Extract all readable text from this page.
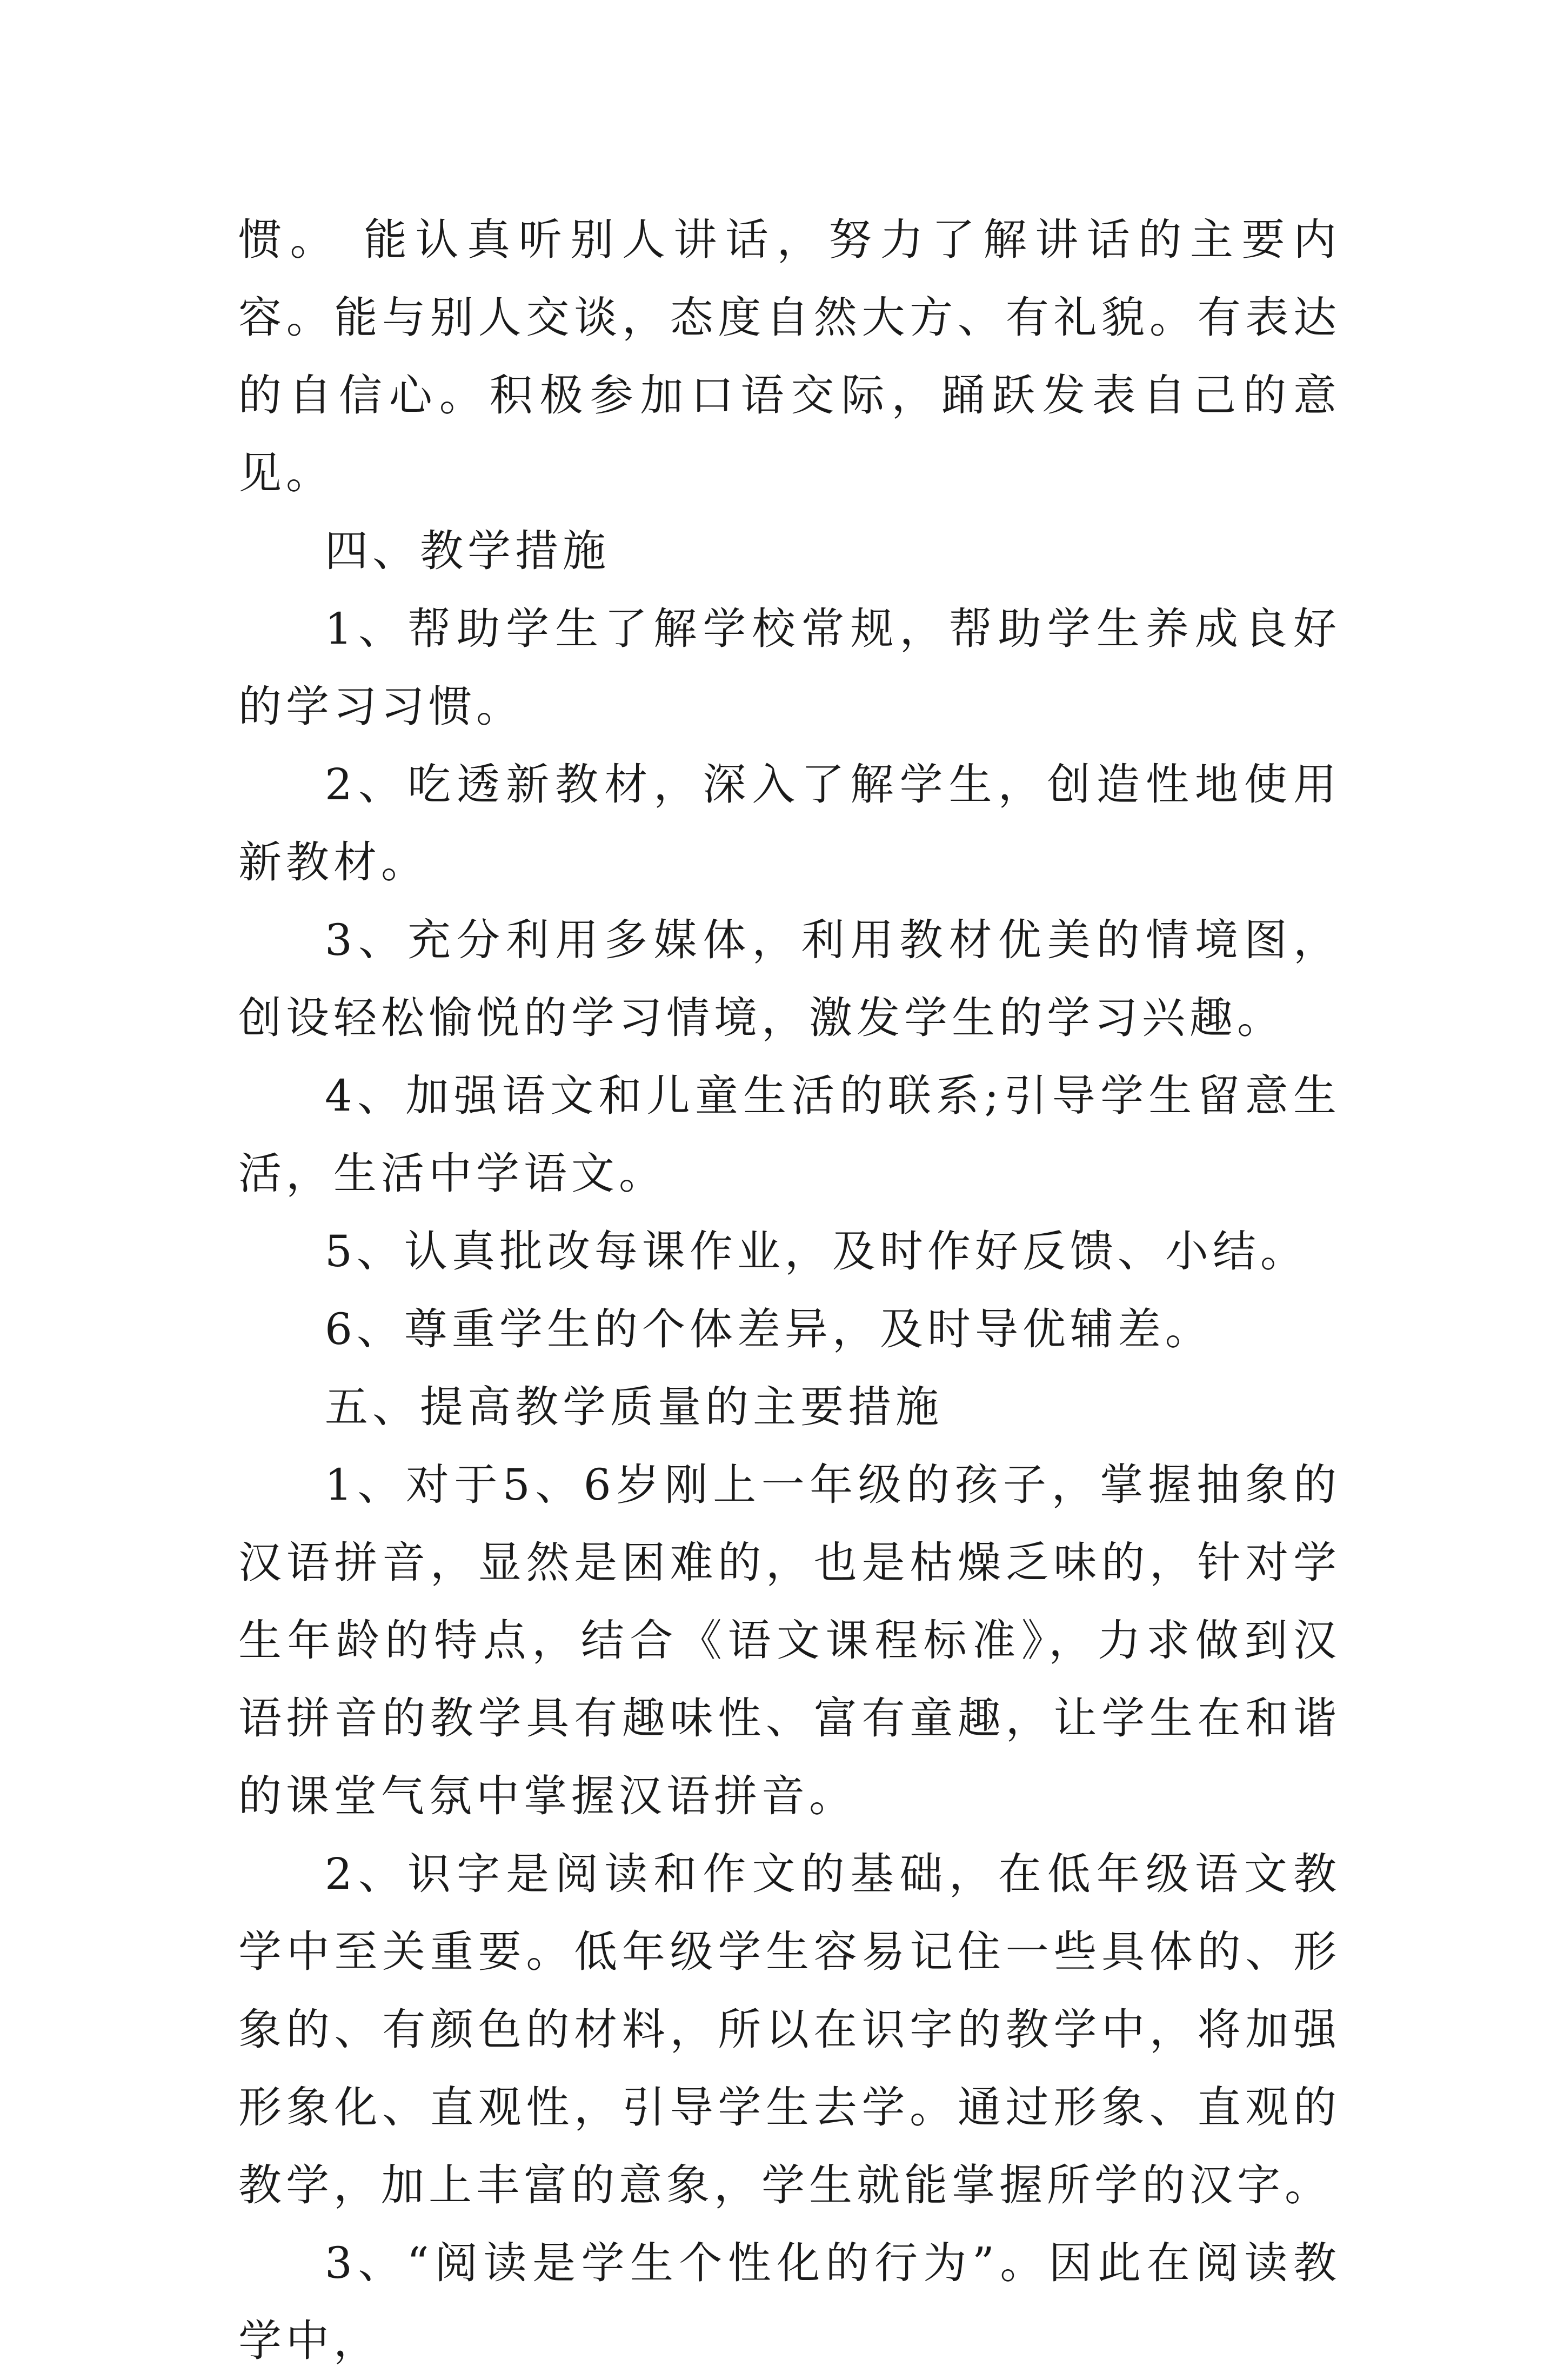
惯。 能认真听别人讲话，努力了解讲话的主要内容。能与别人交谈，态度自然大方、有礼貌。有表达的自信心。积极参加口语交际，踊跃发表自己的意见。

四、教学措施

1、帮助学生了解学校常规，帮助学生养成良好的学习习惯。

2、吃透新教材，深入了解学生，创造性地使用新教材。

3、充分利用多媒体，利用教材优美的情境图，创设轻松愉悦的学习情境，激发学生的学习兴趣。

4、加强语文和儿童生活的联系;引导学生留意生活，生活中学语文。

5、认真批改每课作业，及时作好反馈、小结。

6、尊重学生的个体差异，及时导优辅差。

五、提高教学质量的主要措施

1、对于5、6岁刚上一年级的孩子，掌握抽象的汉语拼音，显然是困难的，也是枯燥乏味的，针对学生年龄的特点，结合《语文课程标准》，力求做到汉语拼音的教学具有趣味性、富有童趣，让学生在和谐的课堂气氛中掌握汉语拼音。

2、识字是阅读和作文的基础，在低年级语文教学中至关重要。低年级学生容易记住一些具体的、形象的、有颜色的材料，所以在识字的教学中，将加强形象化、直观性，引导学生去学。通过形象、直观的教学，加上丰富的意象，学生就能掌握所学的汉字。

3、“阅读是学生个性化的行为”。因此在阅读教学中，
